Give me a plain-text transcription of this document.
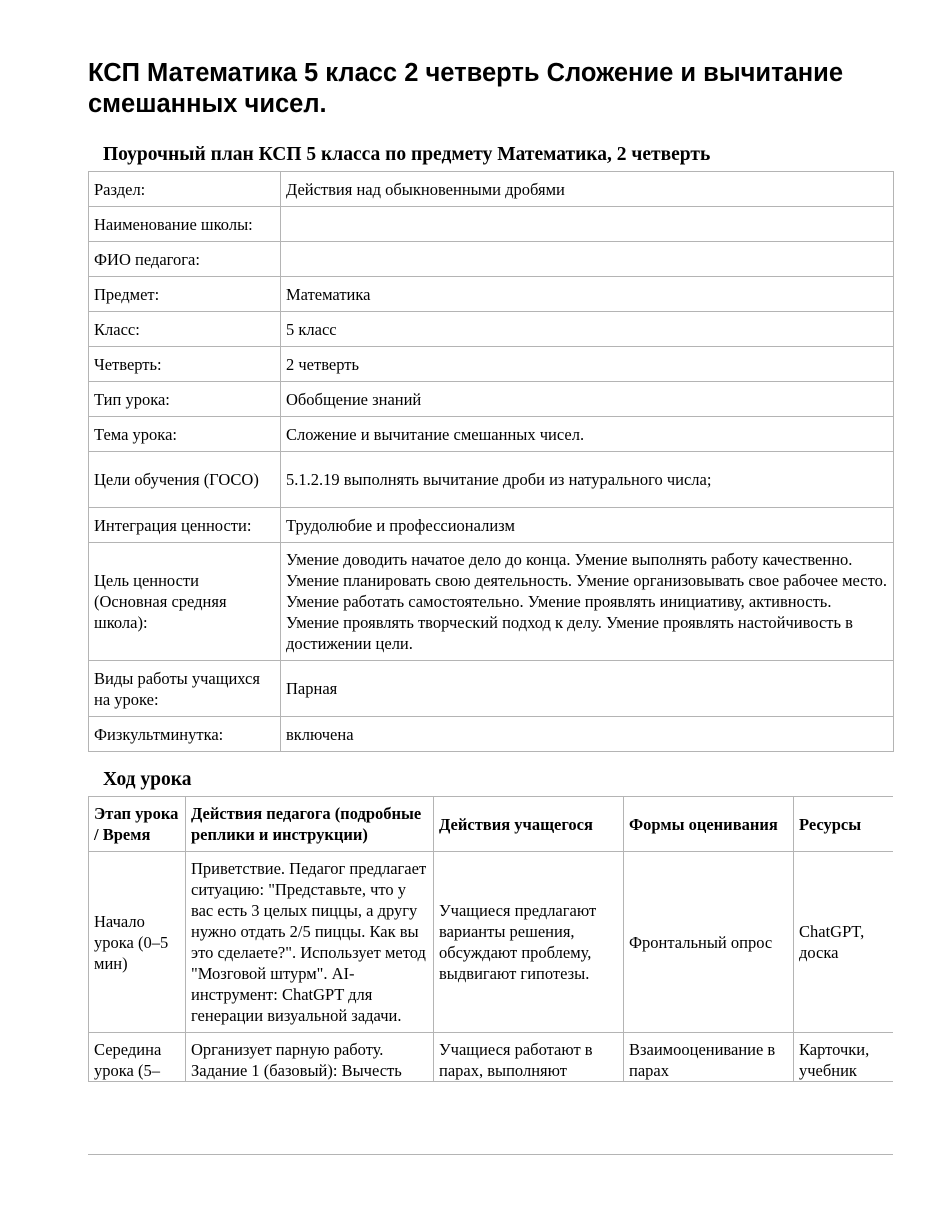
КСП Математика 5 класс 2 четверть Сложение и вычитание смешанных чисел.
Поурочный план КСП 5 класса по предмету Математика, 2 четверть
Раздел:	Действия над обыкновенными дробями
Наименование школы:	
ФИО педагога:	
Предмет:	Математика
Класс:	5 класс
Четверть:	2 четверть
Тип урока:	Обобщение знаний
Тема урока:	Сложение и вычитание смешанных чисел.
Цели обучения (ГОСО)	5.1.2.19 выполнять вычитание дроби из натурального числа;
Интеграция ценности:	Трудолюбие и профессионализм
Цель ценности (Основная средняя школа):	Умение доводить начатое дело до конца. Умение выполнять работу качественно. Умение планировать свою деятельность. Умение организовывать свое рабочее место. Умение работать самостоятельно. Умение проявлять инициативу, активность. Умение проявлять творческий подход к делу. Умение проявлять настойчивость в достижении цели.
Виды работы учащихся на уроке:	Парная
Физкультминутка:	включена
Ход урока
Этап урока / Время	Действия педагога (подробные реплики и инструкции)	Действия учащегося	Формы оценивания	Ресурсы
Начало урока (0–5 мин)	Приветствие. Педагог предлагает ситуацию: "Представьте, что у вас есть 3 целых пиццы, а другу нужно отдать 2/5 пиццы. Как вы это сделаете?". Использует метод "Мозговой штурм". AI-инструмент: ChatGPT для генерации визуальной задачи.	Учащиеся предлагают варианты решения, обсуждают проблему, выдвигают гипотезы.	Фронтальный опрос	ChatGPT, доска
Середина урока (5–	Организует парную работу. Задание 1 (базовый): Вычесть	Учащиеся работают в парах, выполняют	Взаимооценивание в парах	Карточки, учебник
